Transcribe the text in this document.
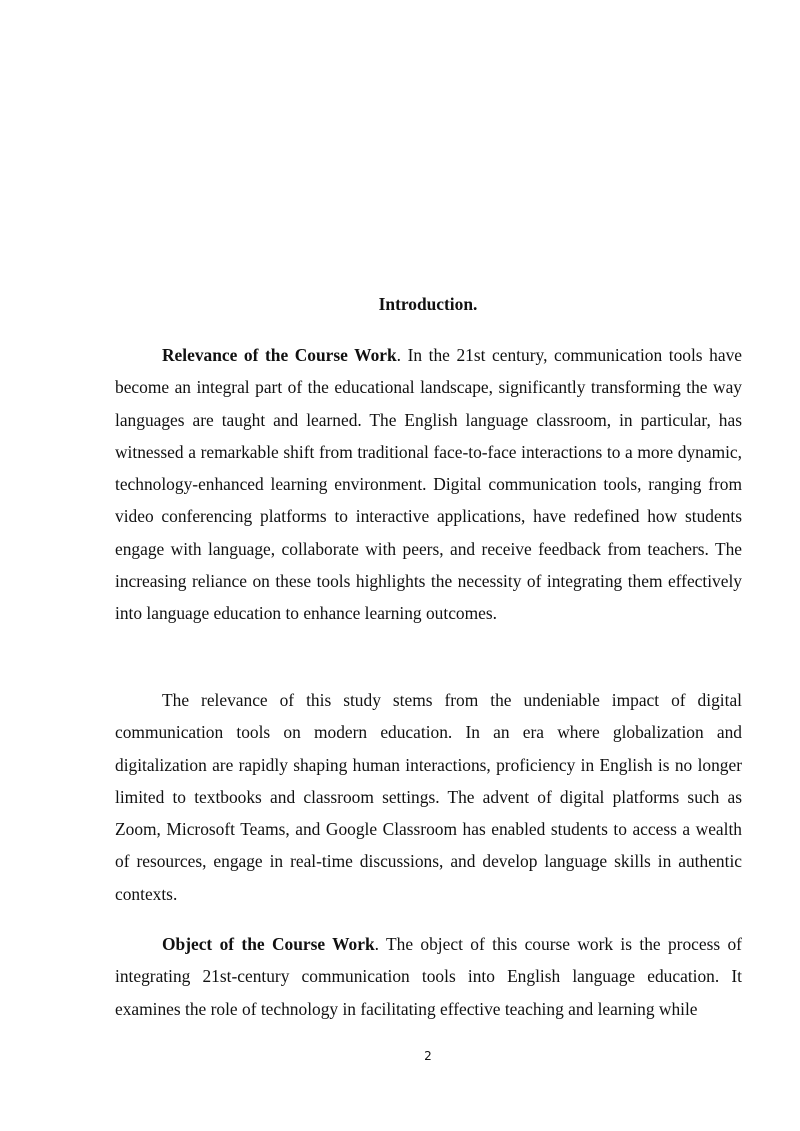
Introduction.

Relevance of the Course Work. In the 21st century, communication tools have become an integral part of the educational landscape, significantly transforming the way languages are taught and learned. The English language classroom, in particular, has witnessed a remarkable shift from traditional face-to-face interactions to a more dynamic, technology-enhanced learning environment. Digital communication tools, ranging from video conferencing platforms to interactive applications, have redefined how students engage with language, collaborate with peers, and receive feedback from teachers. The increasing reliance on these tools highlights the necessity of integrating them effectively into language education to enhance learning outcomes.

The relevance of this study stems from the undeniable impact of digital communication tools on modern education. In an era where globalization and digitalization are rapidly shaping human interactions, proficiency in English is no longer limited to textbooks and classroom settings. The advent of digital platforms such as Zoom, Microsoft Teams, and Google Classroom has enabled students to access a wealth of resources, engage in real-time discussions, and develop language skills in authentic contexts.

Object of the Course Work. The object of this course work is the process of integrating 21st-century communication tools into English language education. It examines the role of technology in facilitating effective teaching and learning while

2
